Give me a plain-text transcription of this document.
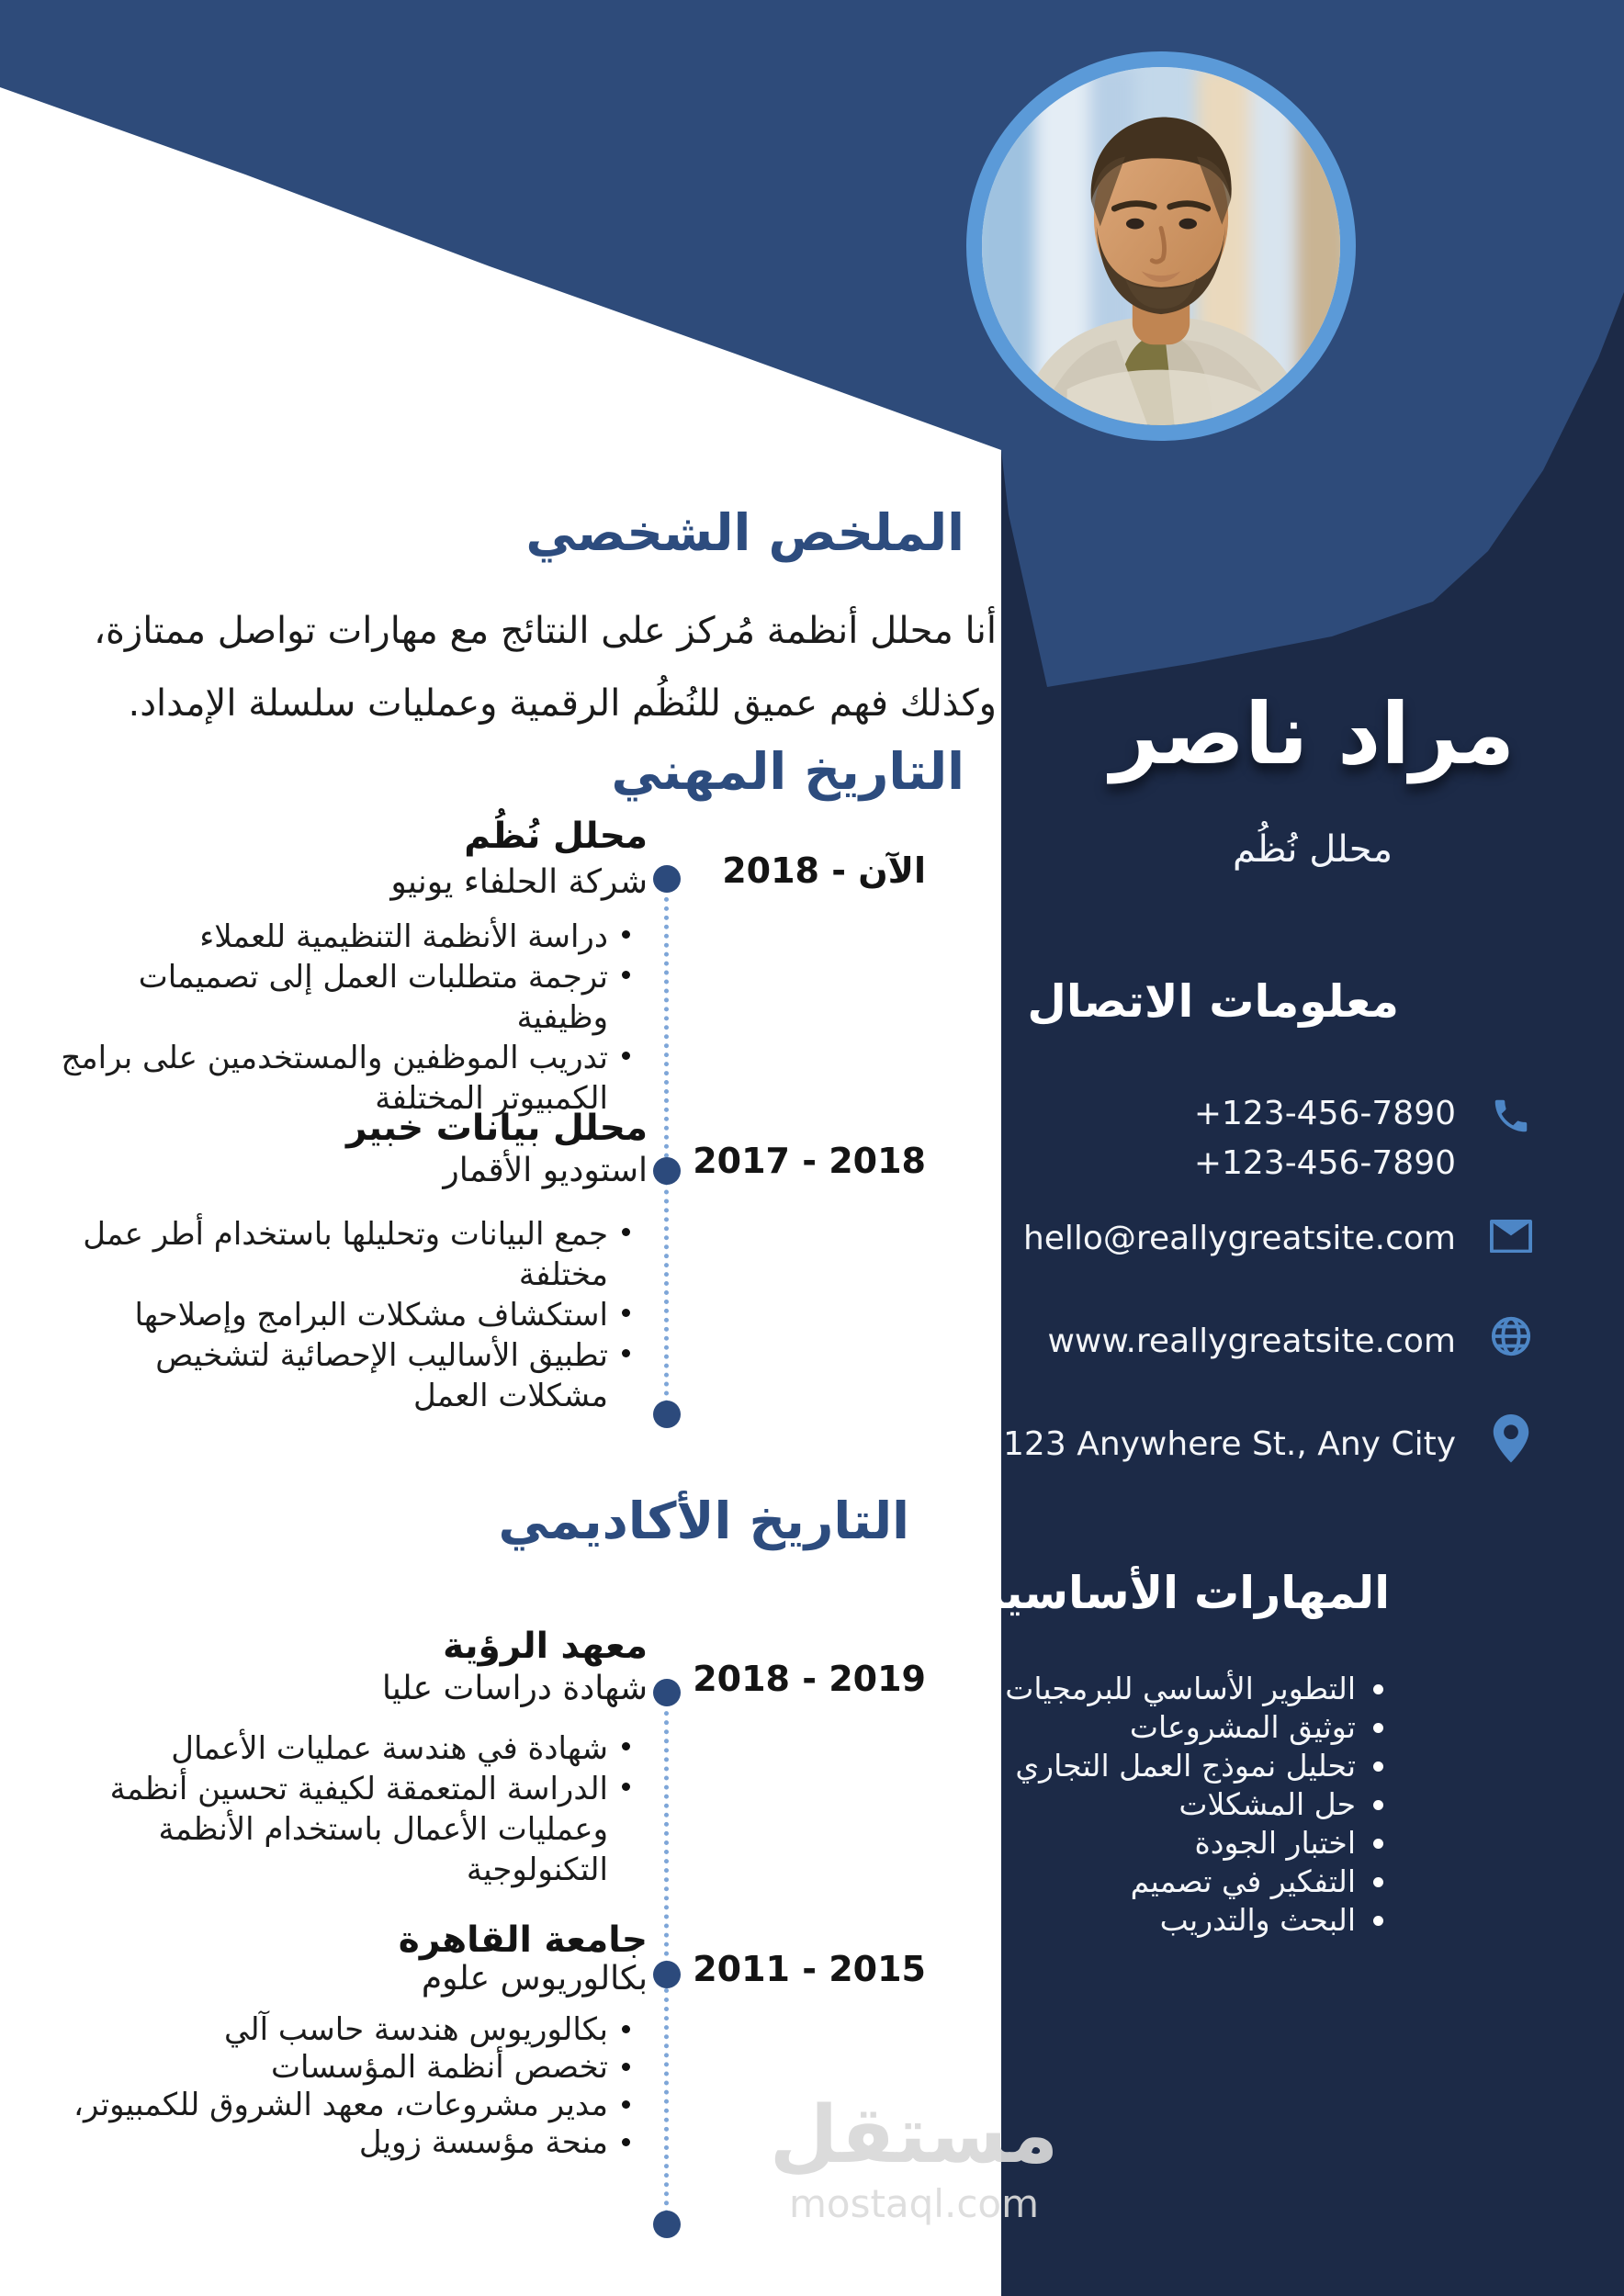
مراد ناصر
محلل نُظُم
معلومات الاتصال
+123-456-7890
+123-456-7890
hello@reallygreatsite.com
www.reallygreatsite.com
123 Anywhere St., Any City
المهارات الأساسية
التطوير الأساسي للبرمجيات
توثيق المشروعات
تحليل نموذج العمل التجاري
حل المشكلات
اختبار الجودة
التفكير في تصميم
البحث والتدريب
الملخص الشخصي
أنا محلل أنظمة مُركز على النتائج مع مهارات تواصل ممتازة، وكذلك فهم عميق للنُظُم الرقمية وعمليات سلسلة الإمداد.
التاريخ المهني
محلل نُظُم
شركة الحلفاء يونيو الآن - 2018
دراسة الأنظمة التنظيمية للعملاء
ترجمة متطلبات العمل إلى تصميمات وظيفية
تدريب الموظفين والمستخدمين على برامج الكمبيوتر المختلفة
محلل بيانات خبير
استوديو الأقمار 2018 - 2017
جمع البيانات وتحليلها باستخدام أطر عمل مختلفة
استكشاف مشكلات البرامج وإصلاحها
تطبيق الأساليب الإحصائية لتشخيص مشكلات العمل
التاريخ الأكاديمي
معهد الرؤية
شهادة دراسات عليا 2019 - 2018
شهادة في هندسة عمليات الأعمال
الدراسة المتعمقة لكيفية تحسين أنظمة وعمليات الأعمال باستخدام الأنظمة التكنولوجية
جامعة القاهرة
بكالوريوس علوم 2015 - 2011
بكالوريوس هندسة حاسب آلي
تخصص أنظمة المؤسسات
مدير مشروعات، معهد الشروق للكمبيوتر،
منحة مؤسسة زويل	مستقل
mostaql.com
